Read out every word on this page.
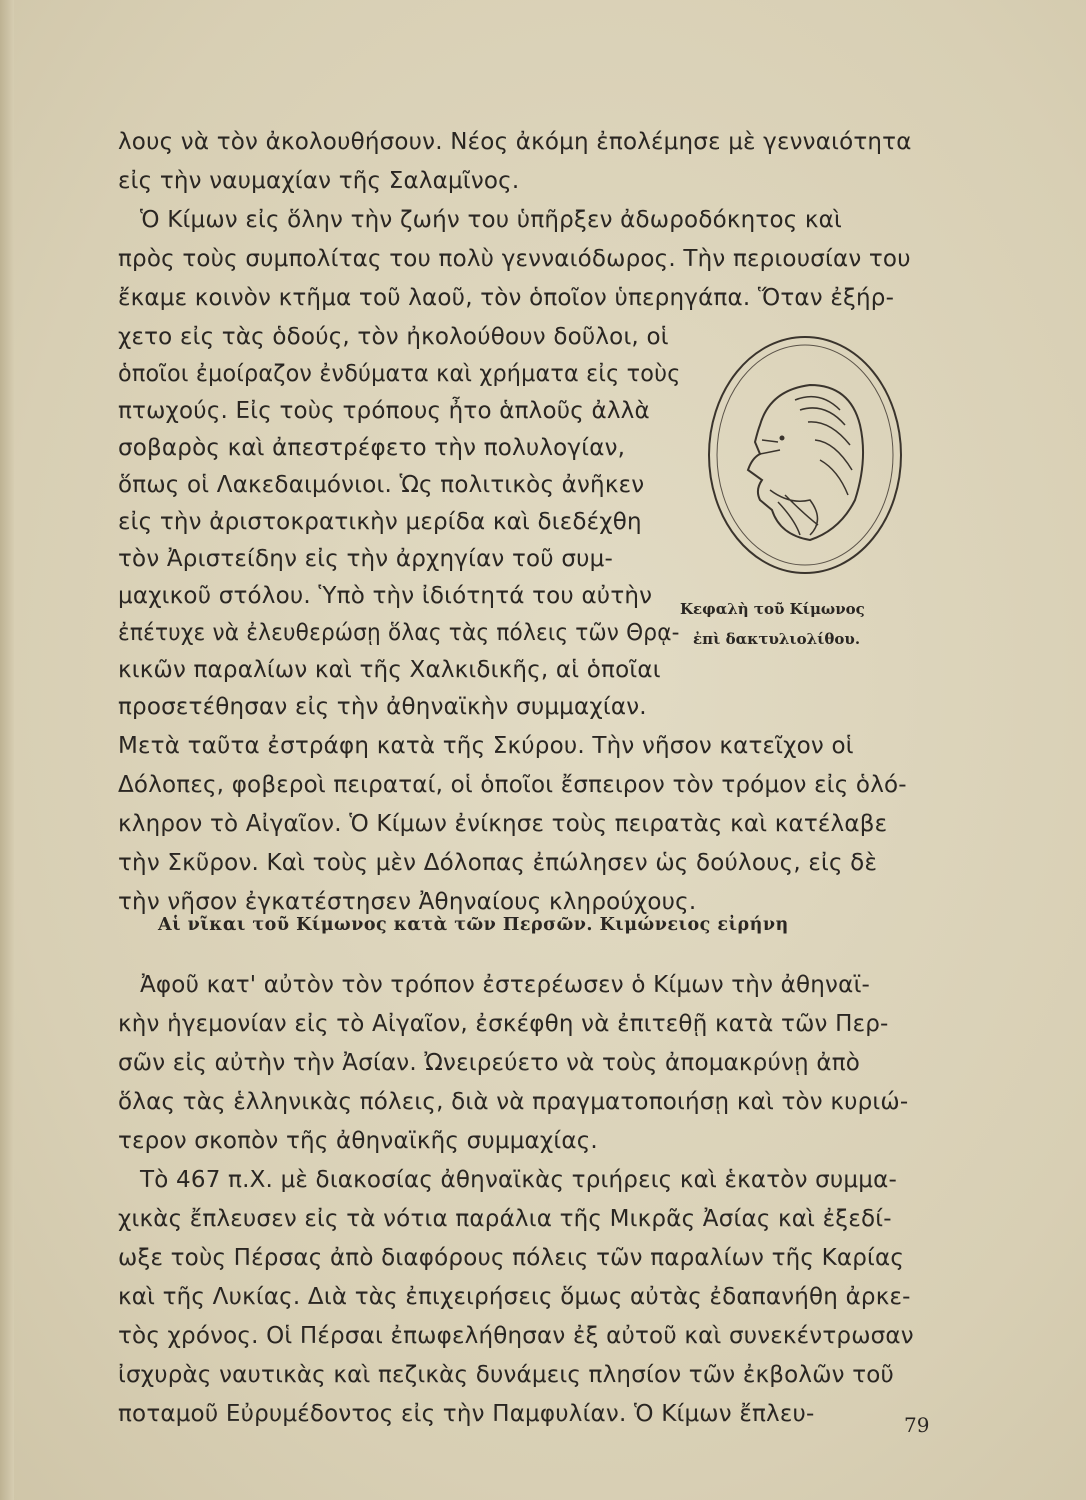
λους νὰ τὸν ἀκολουθήσουν. Νέος ἀκόμη ἐπολέμησε μὲ γενναιότητα
εἰς τὴν ναυμαχίαν τῆς Σαλαμῖνος.
Ὁ Κίμων εἰς ὅλην τὴν ζωήν του ὑπῆρξεν ἀδωροδόκητος καὶ
πρὸς τοὺς συμπολίτας του πολὺ γενναιόδωρος. Τὴν περιουσίαν του
ἔκαμε κοινὸν κτῆμα τοῦ λαοῦ, τὸν ὁποῖον ὑπερηγάπα. Ὅταν ἐξήρ-
χετο εἰς τὰς ὁδούς, τὸν ἠκολούθουν δοῦλοι, οἱ
ὁποῖοι ἐμοίραζον ἐνδύματα καὶ χρήματα εἰς τοὺς
πτωχούς. Εἰς τοὺς τρόπους ἦτο ἁπλοῦς ἀλλὰ
σοβαρὸς καὶ ἀπεστρέφετο τὴν πολυλογίαν,
ὅπως οἱ Λακεδαιμόνιοι. Ὡς πολιτικὸς ἀνῆκεν
εἰς τὴν ἀριστοκρατικὴν μερίδα καὶ διεδέχθη
τὸν Ἀριστείδην εἰς τὴν ἀρχηγίαν τοῦ συμ-
μαχικοῦ στόλου. Ὑπὸ τὴν ἰδιότητά του αὐτὴν
ἐπέτυχε νὰ ἐλευθερώσῃ ὅλας τὰς πόλεις τῶν Θρᾳ-
κικῶν παραλίων καὶ τῆς Χαλκιδικῆς, αἱ ὁποῖαι
προσετέθησαν εἰς τὴν ἀθηναϊκὴν συμμαχίαν.
Μετὰ ταῦτα ἐστράφη κατὰ τῆς Σκύρου. Τὴν νῆσον κατεῖχον οἱ
Δόλοπες, φοβεροὶ πειραταί, οἱ ὁποῖοι ἔσπειρον τὸν τρόμον εἰς ὁλό-
κληρον τὸ Αἰγαῖον. Ὁ Κίμων ἐνίκησε τοὺς πειρατὰς καὶ κατέλαβε
τὴν Σκῦρον. Καὶ τοὺς μὲν Δόλοπας ἐπώλησεν ὡς δούλους, εἰς δὲ
τὴν νῆσον ἐγκατέστησεν Ἀθηναίους κληρούχους.
Κεφαλὴ τοῦ Κίμωνος
ἐπὶ δακτυλιολίθου.
Αἱ νῖκαι τοῦ Κίμωνος κατὰ τῶν Περσῶν. Κιμώνειος εἰρήνη
Ἀφοῦ κατ' αὐτὸν τὸν τρόπον ἐστερέωσεν ὁ Κίμων τὴν ἀθηναϊ-
κὴν ἡγεμονίαν εἰς τὸ Αἰγαῖον, ἐσκέφθη νὰ ἐπιτεθῇ κατὰ τῶν Περ-
σῶν εἰς αὐτὴν τὴν Ἀσίαν. Ὠνειρεύετο νὰ τοὺς ἀπομακρύνῃ ἀπὸ
ὅλας τὰς ἑλληνικὰς πόλεις, διὰ νὰ πραγματοποιήσῃ καὶ τὸν κυριώ-
τερον σκοπὸν τῆς ἀθηναϊκῆς συμμαχίας.
Τὸ 467 π.Χ. μὲ διακοσίας ἀθηναϊκὰς τριήρεις καὶ ἑκατὸν συμμα-
χικὰς ἔπλευσεν εἰς τὰ νότια παράλια τῆς Μικρᾶς Ἀσίας καὶ ἐξεδί-
ωξε τοὺς Πέρσας ἀπὸ διαφόρους πόλεις τῶν παραλίων τῆς Καρίας
καὶ τῆς Λυκίας. Διὰ τὰς ἐπιχειρήσεις ὅμως αὐτὰς ἐδαπανήθη ἀρκε-
τὸς χρόνος. Οἱ Πέρσαι ἐπωφελήθησαν ἐξ αὐτοῦ καὶ συνεκέντρωσαν
ἰσχυρὰς ναυτικὰς καὶ πεζικὰς δυνάμεις πλησίον τῶν ἐκβολῶν τοῦ
ποταμοῦ Εὐρυμέδοντος εἰς τὴν Παμφυλίαν. Ὁ Κίμων ἔπλευ-	79
